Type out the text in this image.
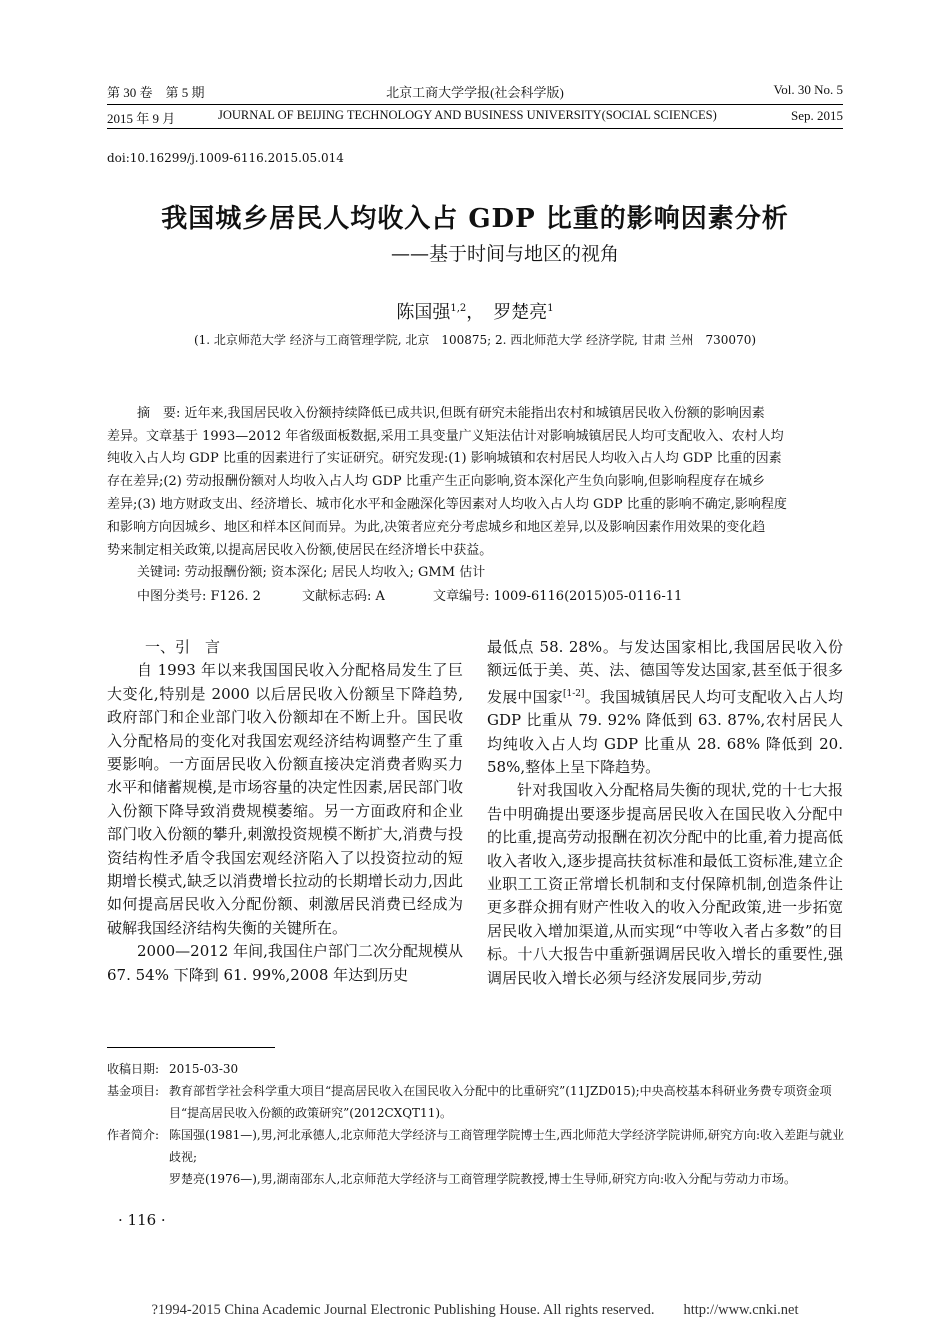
第 30 卷　第 5 期	北京工商大学学报(社会科学版)	Vol. 30 No. 5
2015 年 9 月	JOURNAL OF BEIJING TECHNOLOGY AND BUSINESS UNIVERSITY(SOCIAL SCIENCES)	Sep. 2015
doi:10.16299/j.1009-6116.2015.05.014
我国城乡居民人均收入占 GDP 比重的影响因素分析
——基于时间与地区的视角
陈国强$^{1,2}$，　罗楚亮$^1$
(1. 北京师范大学 经济与工商管理学院, 北京　100875; 2. 西北师范大学 经济学院, 甘肃 兰州　730070)
摘　要: 近年来,我国居民收入份额持续降低已成共识,但既有研究未能指出农村和城镇居民收入份额的影响因素
差异。文章基于 1993—2012 年省级面板数据,采用工具变量广义矩法估计对影响城镇居民人均可支配收入、农村人均
纯收入占人均 GDP 比重的因素进行了实证研究。研究发现:(1) 影响城镇和农村居民人均收入占人均 GDP 比重的因素
存在差异;(2) 劳动报酬份额对人均收入占人均 GDP 比重产生正向影响,资本深化产生负向影响,但影响程度存在城乡
差异;(3) 地方财政支出、经济增长、城市化水平和金融深化等因素对人均收入占人均 GDP 比重的影响不确定,影响程度
和影响方向因城乡、地区和样本区间而异。为此,决策者应充分考虑城乡和地区差异,以及影响因素作用效果的变化趋
势来制定相关政策,以提高居民收入份额,使居民在经济增长中获益。
关键词: 劳动报酬份额; 资本深化; 居民人均收入; GMM 估计
中图分类号: F126. 2	文献标志码: A	文章编号: 1009-6116(2015)05-0116-11

一、引　言

自 1993 年以来我国国民收入分配格局发生了巨大变化,特别是 2000 以后居民收入份额呈下降趋势,政府部门和企业部门收入份额却在不断上升。国民收入分配格局的变化对我国宏观经济结构调整产生了重要影响。一方面居民收入份额直接决定消费者购买力水平和储蓄规模,是市场容量的决定性因素,居民部门收入份额下降导致消费规模萎缩。另一方面政府和企业部门收入份额的攀升,刺激投资规模不断扩大,消费与投资结构性矛盾令我国宏观经济陷入了以投资拉动的短期增长模式,缺乏以消费增长拉动的长期增长动力,因此如何提高居民收入分配份额、刺激居民消费已经成为破解我国经济结构失衡的关键所在。

2000—2012 年间,我国住户部门二次分配规模从 67. 54% 下降到 61. 99%,2008 年达到历史

最低点 58. 28%。与发达国家相比,我国居民收入份额远低于美、英、法、德国等发达国家,甚至低于很多发展中国家[1-2]。我国城镇居民人均可支配收入占人均 GDP 比重从 79. 92% 降低到 63. 87%,农村居民人均纯收入占人均 GDP 比重从 28. 68% 降低到 20. 58%,整体上呈下降趋势。

针对我国收入分配格局失衡的现状,党的十七大报告中明确提出要逐步提高居民收入在国民收入分配中的比重,提高劳动报酬在初次分配中的比重,着力提高低收入者收入,逐步提高扶贫标准和最低工资标准,建立企业职工工资正常增长机制和支付保障机制,创造条件让更多群众拥有财产性收入的收入分配政策,进一步拓宽居民收入增加渠道,从而实现“中等收入者占多数”的目标。十八大报告中重新强调居民收入增长的重要性,强调居民收入增长必须与经济发展同步,劳动

收稿日期: 2015-03-30
基金项目: 教育部哲学社会科学重大项目“提高居民收入在国民收入分配中的比重研究”(11JZD015);中央高校基本科研业务费专项资金项目“提高居民收入份额的政策研究”(2012CXQT11)。
作者简介: 陈国强(1981—),男,河北承德人,北京师范大学经济与工商管理学院博士生,西北师范大学经济学院讲师,研究方向:收入差距与就业歧视;
罗楚亮(1976—),男,湖南邵东人,北京师范大学经济与工商管理学院教授,博士生导师,研究方向:收入分配与劳动力市场。
· 116 ·
?1994-2015 China Academic Journal Electronic Publishing House. All rights reserved.　　http://www.cnki.net
